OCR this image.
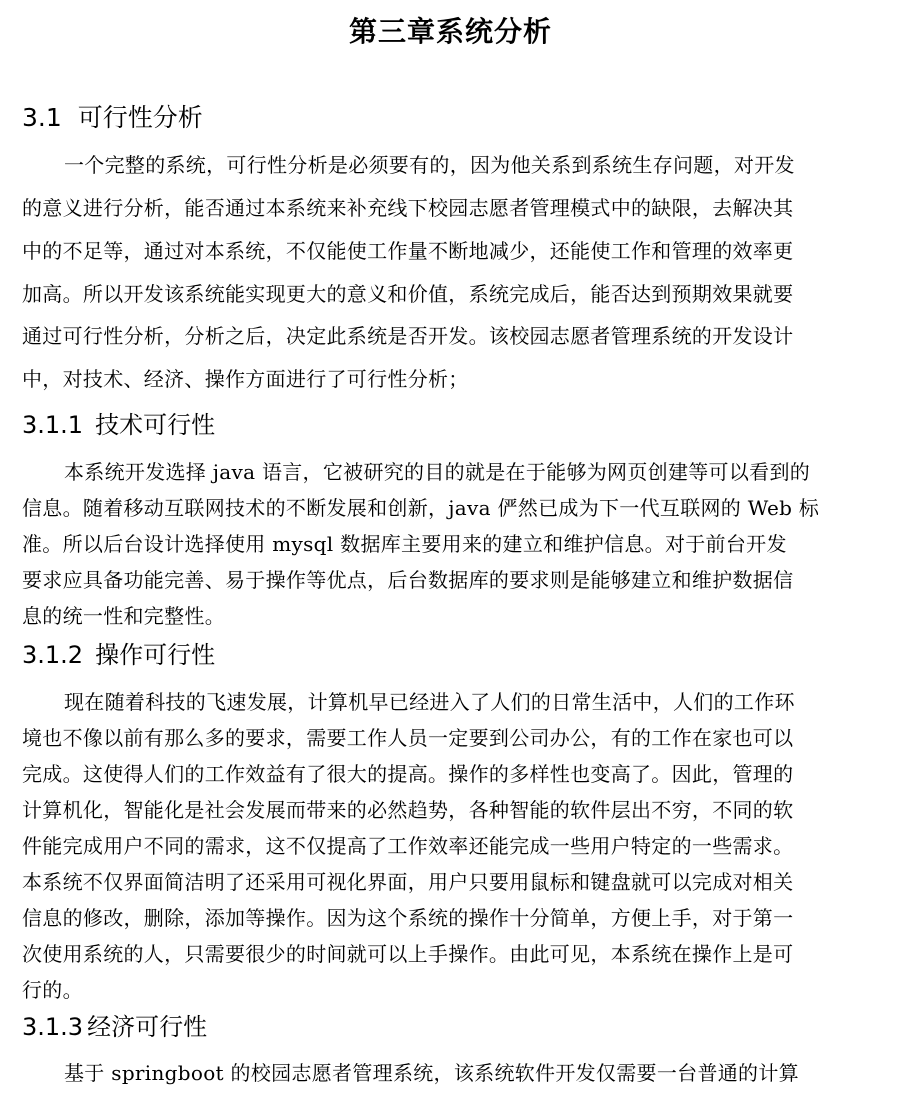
第三章系统分析
3.1 可行性分析
一个完整的系统，可行性分析是必须要有的，因为他关系到系统生存问题，对开发
的意义进行分析，能否通过本系统来补充线下校园志愿者管理模式中的缺限，去解决其
中的不足等，通过对本系统，不仅能使工作量不断地减少，还能使工作和管理的效率更
加高。所以开发该系统能实现更大的意义和价值，系统完成后，能否达到预期效果就要
通过可行性分析，分析之后，决定此系统是否开发。该校园志愿者管理系统的开发设计
中，对技术、经济、操作方面进行了可行性分析；
3.1.1 技术可行性
本系统开发选择 java 语言，它被研究的目的就是在于能够为网页创建等可以看到的
信息。随着移动互联网技术的不断发展和创新，java 俨然已成为下一代互联网的 Web 标
准。所以后台设计选择使用 mysql 数据库主要用来的建立和维护信息。对于前台开发
要求应具备功能完善、易于操作等优点，后台数据库的要求则是能够建立和维护数据信
息的统一性和完整性。
3.1.2 操作可行性
现在随着科技的飞速发展，计算机早已经进入了人们的日常生活中，人们的工作环
境也不像以前有那么多的要求，需要工作人员一定要到公司办公，有的工作在家也可以
完成。这使得人们的工作效益有了很大的提高。操作的多样性也变高了。因此，管理的
计算机化，智能化是社会发展而带来的必然趋势，各种智能的软件层出不穷，不同的软
件能完成用户不同的需求，这不仅提高了工作效率还能完成一些用户特定的一些需求。
本系统不仅界面简洁明了还采用可视化界面，用户只要用鼠标和键盘就可以完成对相关
信息的修改，删除，添加等操作。因为这个系统的操作十分简单，方便上手，对于第一
次使用系统的人，只需要很少的时间就可以上手操作。由此可见，本系统在操作上是可
行的。
3.1.3 经济可行性
基于 springboot 的校园志愿者管理系统，该系统软件开发仅需要一台普通的计算
